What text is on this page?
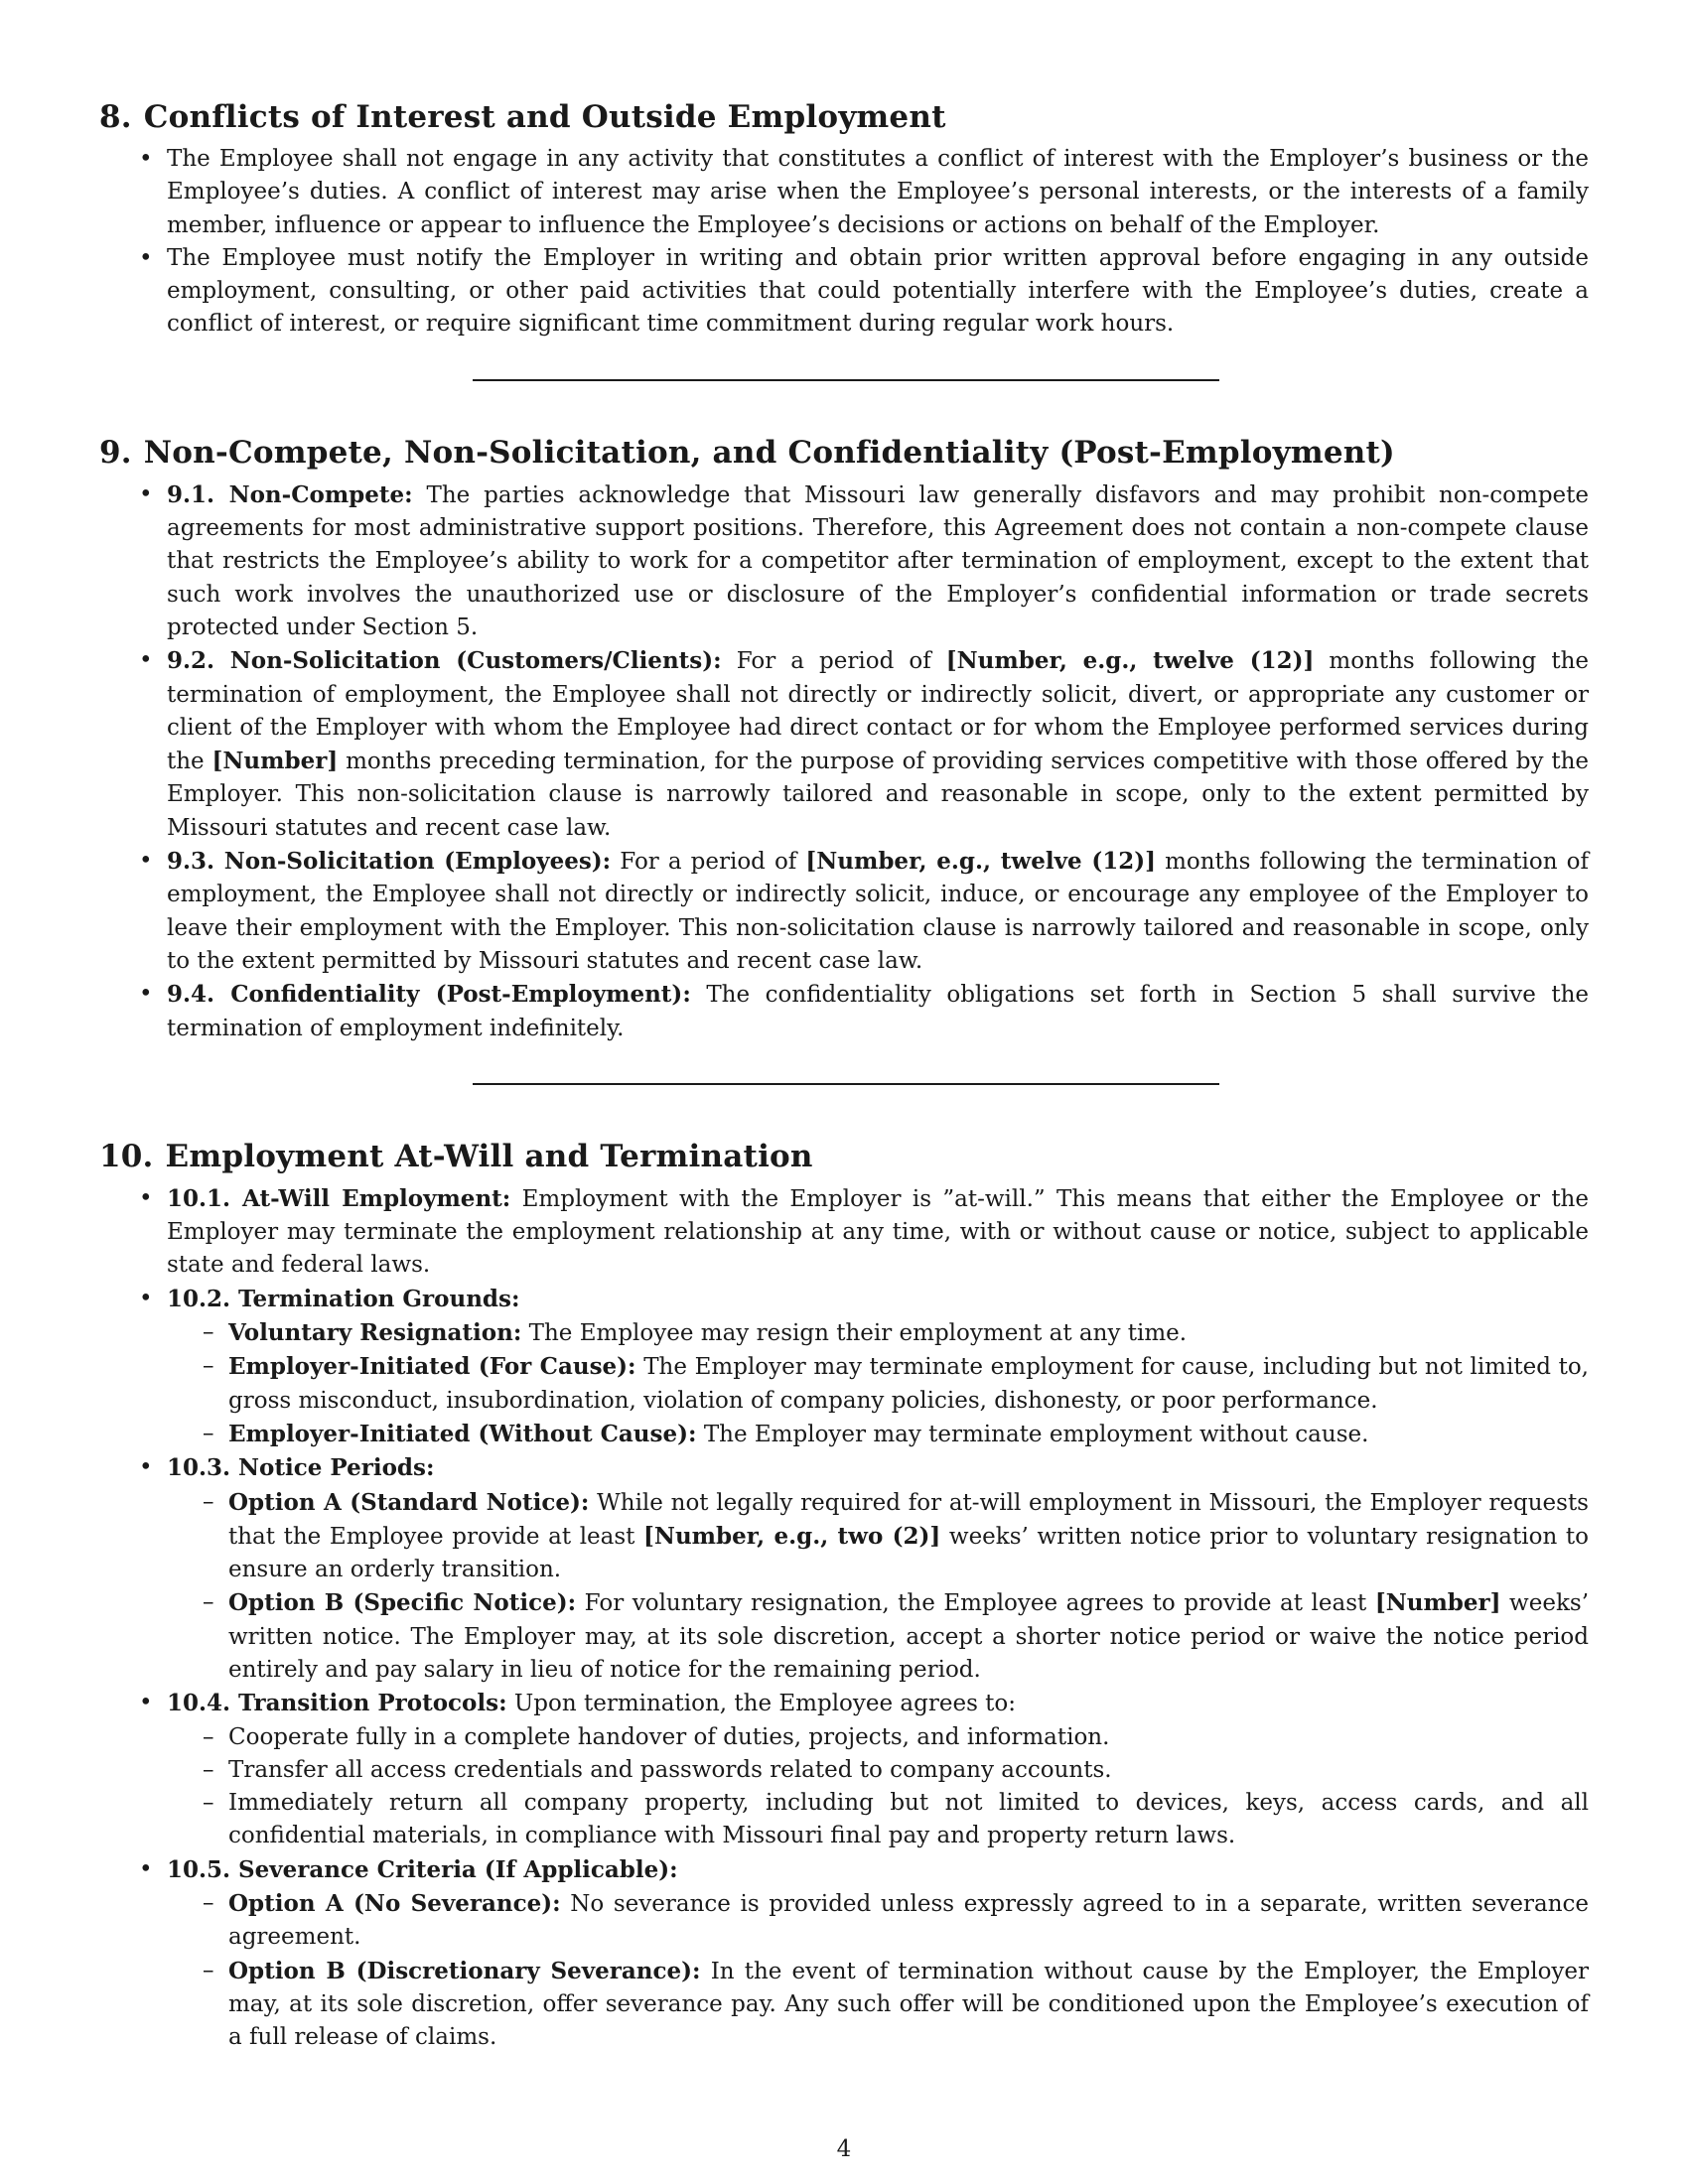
8. Conflicts of Interest and Outside Employment
• The Employee shall not engage in any activity that constitutes a conflict of interest with the Employer’s business or the Employee’s duties. A conflict of interest may arise when the Employee’s personal interests, or the interests of a family member, influence or appear to influence the Employee’s decisions or actions on behalf of the Employer.
• The Employee must notify the Employer in writing and obtain prior written approval before engaging in any outside employment, consulting, or other paid activities that could potentially interfere with the Employee’s duties, create a conflict of interest, or require significant time commitment during regular work hours.
9. Non-Compete, Non-Solicitation, and Confidentiality (Post-Employment)
• 9.1. Non-Compete: The parties acknowledge that Missouri law generally disfavors and may prohibit non-compete agreements for most administrative support positions. Therefore, this Agreement does not contain a non-compete clause that restricts the Employee’s ability to work for a competitor after termination of employment, except to the extent that such work involves the unauthorized use or disclosure of the Employer’s confidential information or trade secrets protected under Section 5.
• 9.2. Non-Solicitation (Customers/Clients): For a period of [Number, e.g., twelve (12)] months following the termination of employment, the Employee shall not directly or indirectly solicit, divert, or appropriate any customer or client of the Employer with whom the Employee had direct contact or for whom the Employee performed services during the [Number] months preceding termination, for the purpose of providing services competitive with those offered by the Employer. This non-solicitation clause is narrowly tailored and reasonable in scope, only to the extent permitted by Missouri statutes and recent case law.
• 9.3. Non-Solicitation (Employees): For a period of [Number, e.g., twelve (12)] months following the termination of employment, the Employee shall not directly or indirectly solicit, induce, or encourage any employee of the Employer to leave their employment with the Employer. This non-solicitation clause is narrowly tailored and reasonable in scope, only to the extent permitted by Missouri statutes and recent case law.
• 9.4. Confidentiality (Post-Employment): The confidentiality obligations set forth in Section 5 shall survive the termination of employment indefinitely.
10. Employment At-Will and Termination
• 10.1. At-Will Employment: Employment with the Employer is ”at-will.” This means that either the Employee or the Employer may terminate the employment relationship at any time, with or without cause or notice, subject to applicable state and federal laws.
• 10.2. Termination Grounds:
– Voluntary Resignation: The Employee may resign their employment at any time.
– Employer-Initiated (For Cause): The Employer may terminate employment for cause, including but not limited to, gross misconduct, insubordination, violation of company policies, dishonesty, or poor performance.
– Employer-Initiated (Without Cause): The Employer may terminate employment without cause.
• 10.3. Notice Periods:
– Option A (Standard Notice): While not legally required for at-will employment in Missouri, the Employer requests that the Employee provide at least [Number, e.g., two (2)] weeks’ written notice prior to voluntary resignation to ensure an orderly transition.
– Option B (Specific Notice): For voluntary resignation, the Employee agrees to provide at least [Number] weeks’ written notice. The Employer may, at its sole discretion, accept a shorter notice period or waive the notice period entirely and pay salary in lieu of notice for the remaining period.
• 10.4. Transition Protocols: Upon termination, the Employee agrees to:
– Cooperate fully in a complete handover of duties, projects, and information.
– Transfer all access credentials and passwords related to company accounts.
– Immediately return all company property, including but not limited to devices, keys, access cards, and all confidential materials, in compliance with Missouri final pay and property return laws.
• 10.5. Severance Criteria (If Applicable):
– Option A (No Severance): No severance is provided unless expressly agreed to in a separate, written severance agreement.
– Option B (Discretionary Severance): In the event of termination without cause by the Employer, the Employer may, at its sole discretion, offer severance pay. Any such offer will be conditioned upon the Employee’s execution of a full release of claims.
4
